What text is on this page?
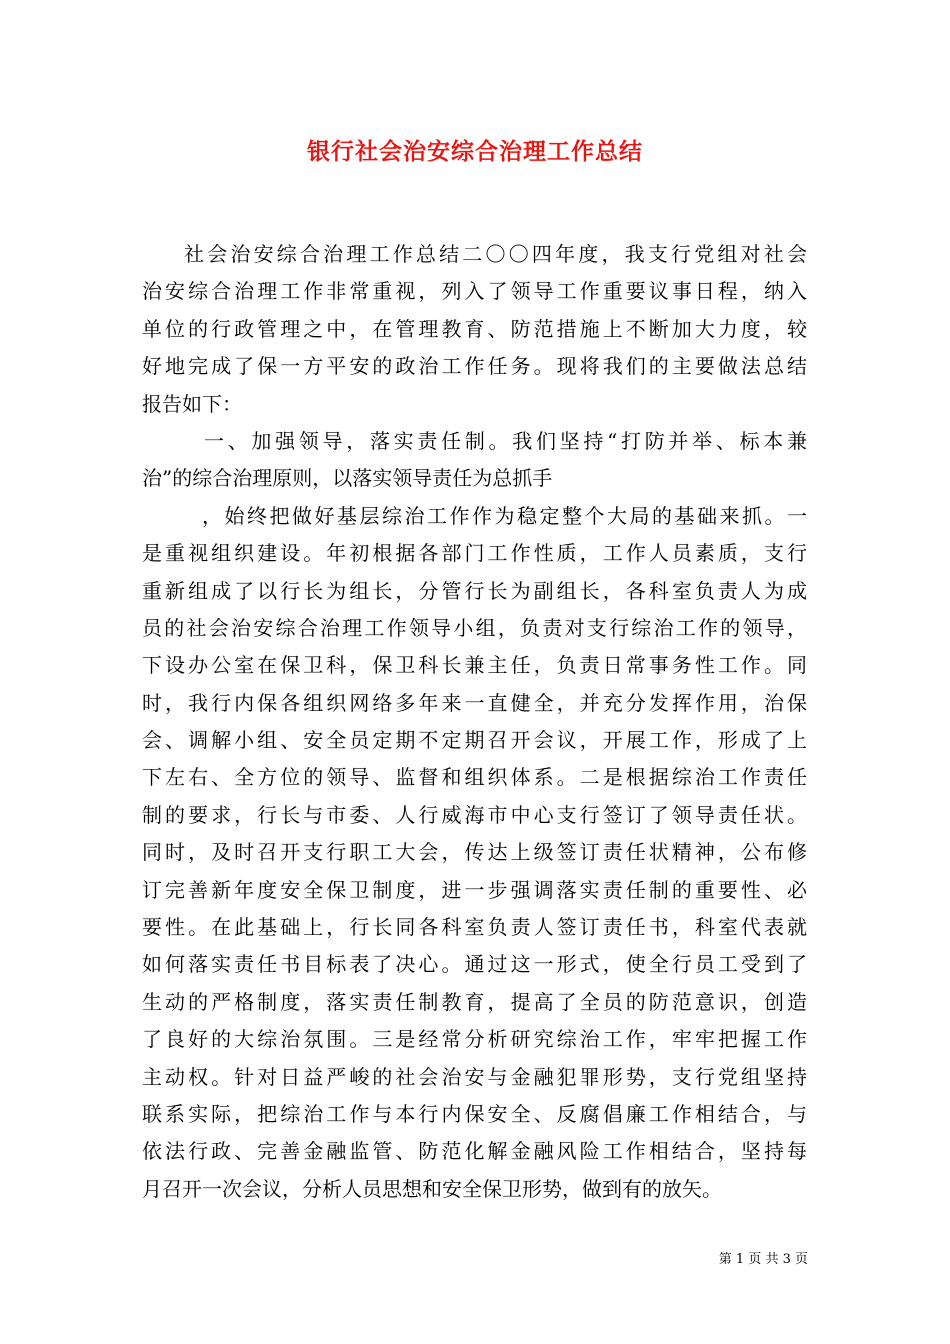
银行社会治安综合治理工作总结
社会治安综合治理工作总结二〇〇四年度，我支行党组对社会
治安综合治理工作非常重视，列入了领导工作重要议事日程，纳入
单位的行政管理之中，在管理教育、防范措施上不断加大力度，较
好地完成了保一方平安的政治工作任务。现将我们的主要做法总结
报告如下：
一、加强领导，落实责任制。我们坚持“打防并举、标本兼
治”的综合治理原则，以落实领导责任为总抓手
，始终把做好基层综治工作作为稳定整个大局的基础来抓。一
是重视组织建设。年初根据各部门工作性质，工作人员素质，支行
重新组成了以行长为组长，分管行长为副组长，各科室负责人为成
员的社会治安综合治理工作领导小组，负责对支行综治工作的领导，
下设办公室在保卫科，保卫科长兼主任，负责日常事务性工作。同
时，我行内保各组织网络多年来一直健全，并充分发挥作用，治保
会、调解小组、安全员定期不定期召开会议，开展工作，形成了上
下左右、全方位的领导、监督和组织体系。二是根据综治工作责任
制的要求，行长与市委、人行威海市中心支行签订了领导责任状。
同时，及时召开支行职工大会，传达上级签订责任状精神，公布修
订完善新年度安全保卫制度，进一步强调落实责任制的重要性、必
要性。在此基础上，行长同各科室负责人签订责任书，科室代表就
如何落实责任书目标表了决心。通过这一形式，使全行员工受到了
生动的严格制度，落实责任制教育，提高了全员的防范意识，创造
了良好的大综治氛围。三是经常分析研究综治工作，牢牢把握工作
主动权。针对日益严峻的社会治安与金融犯罪形势，支行党组坚持
联系实际，把综治工作与本行内保安全、反腐倡廉工作相结合，与
依法行政、完善金融监管、防范化解金融风险工作相结合，坚持每
月召开一次会议，分析人员思想和安全保卫形势，做到有的放矢。
第 1 页 共 3 页
